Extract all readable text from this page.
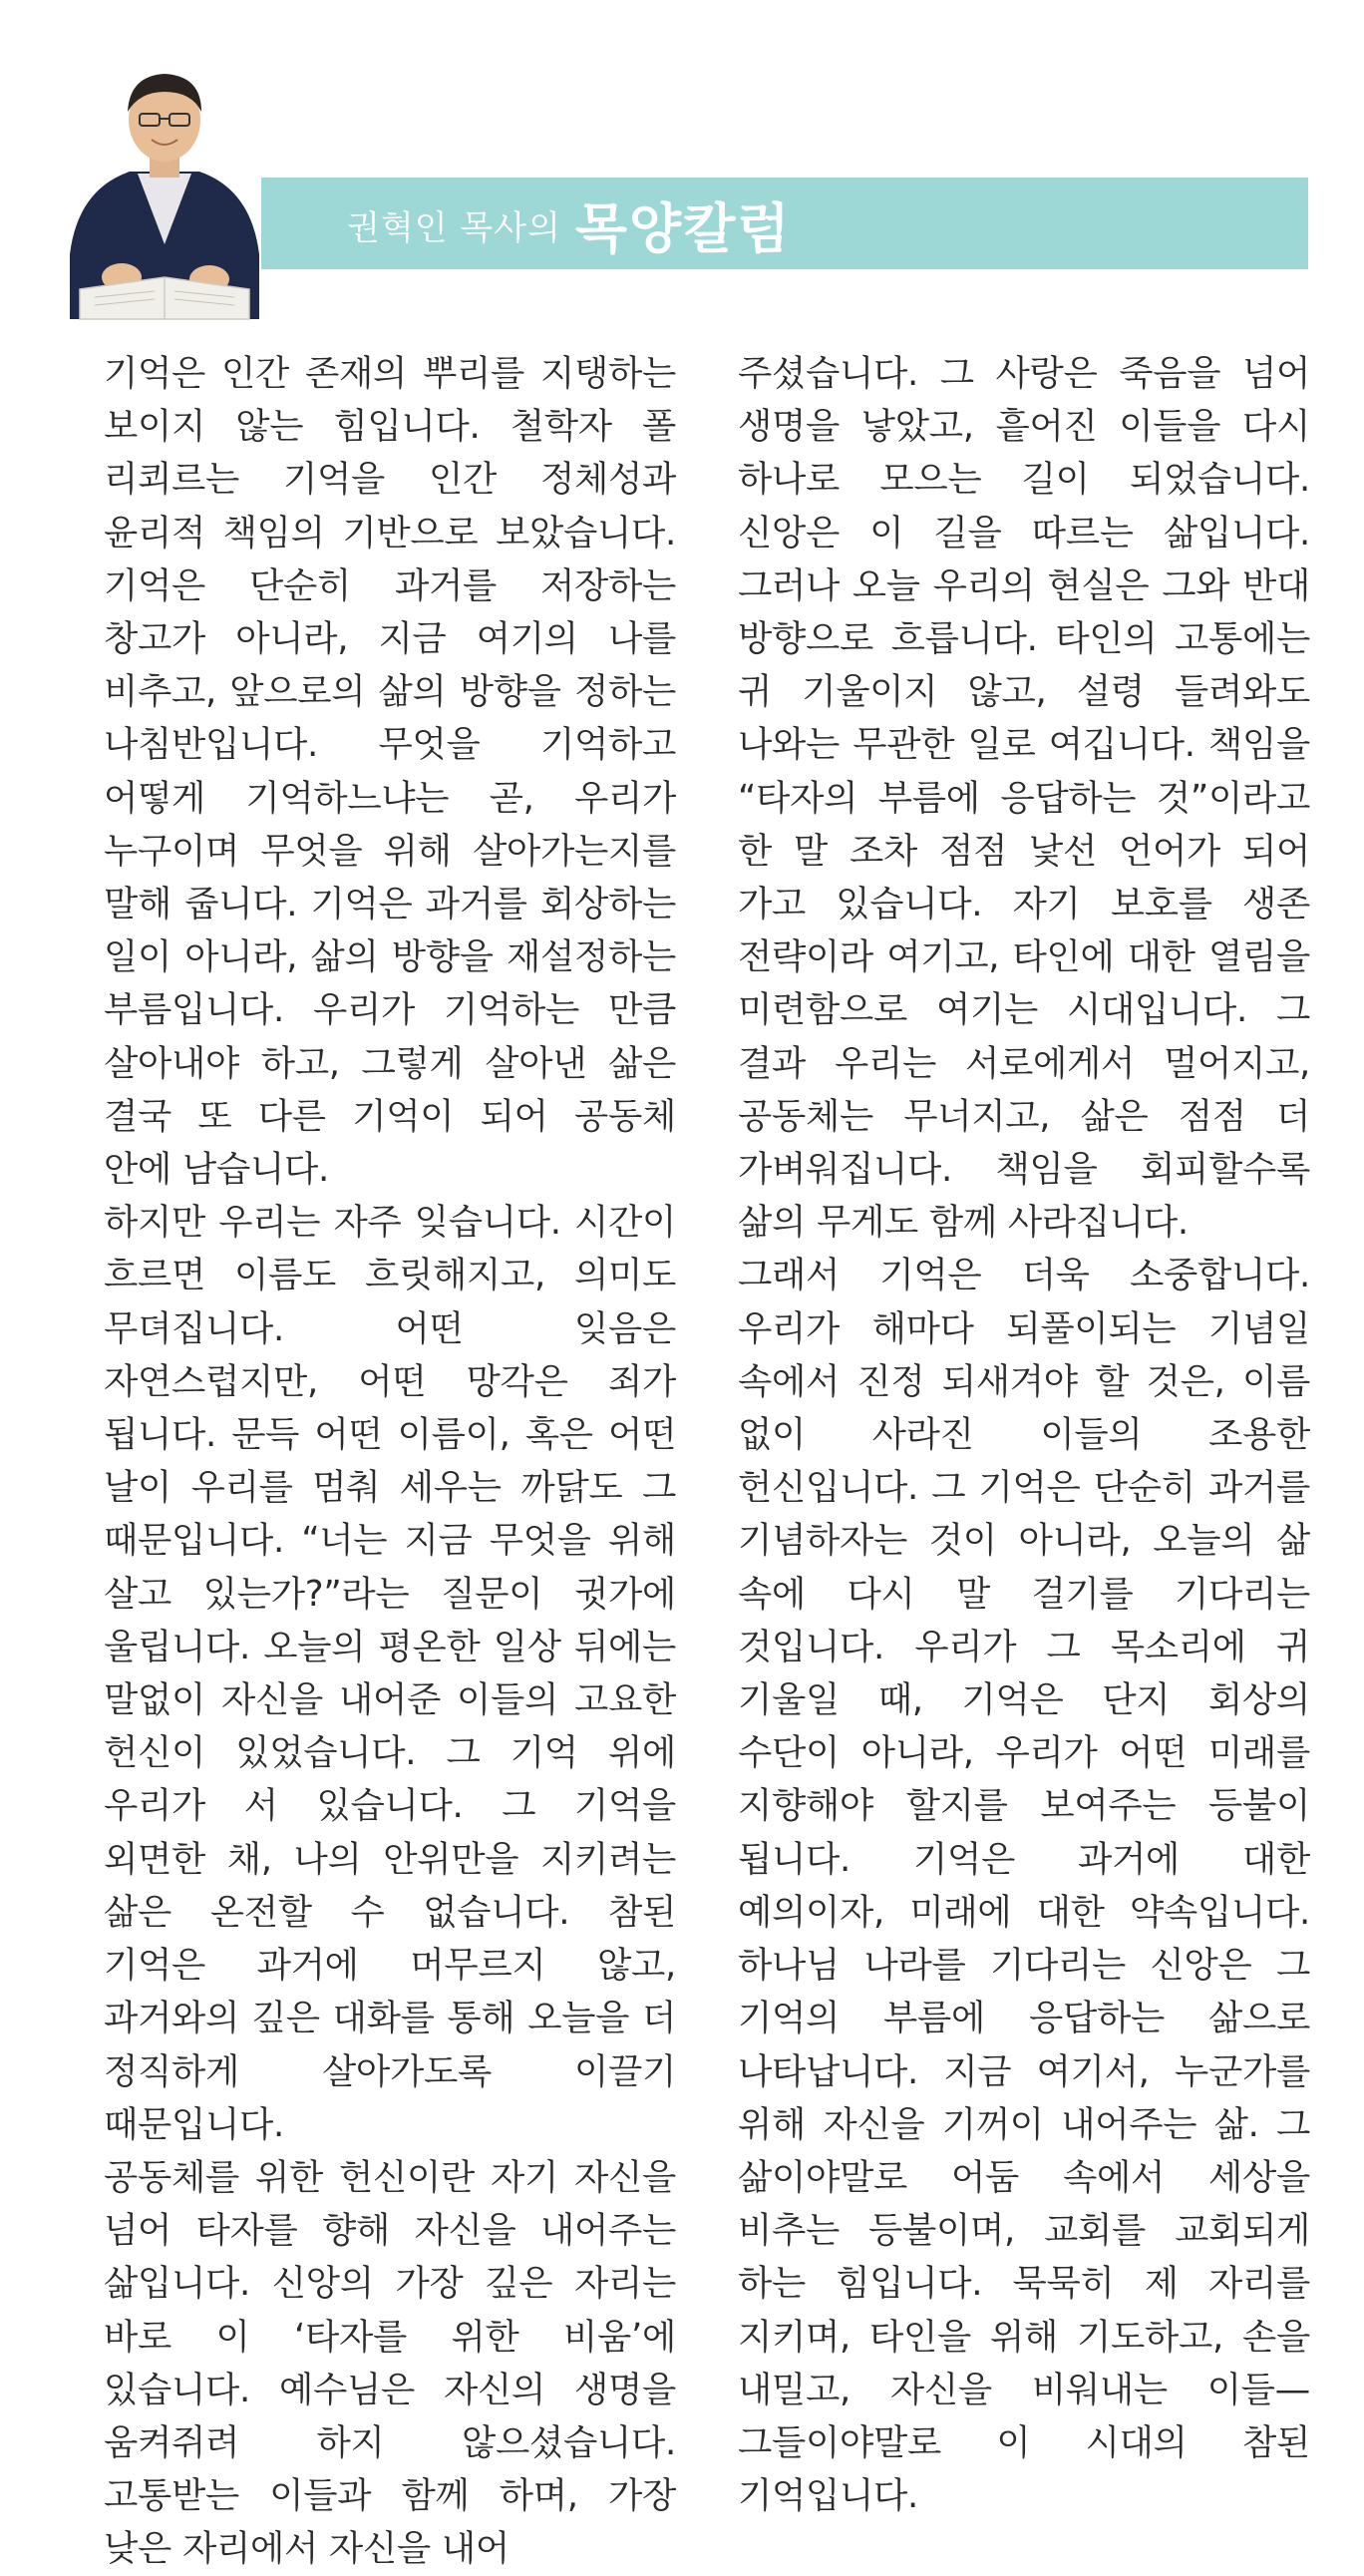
권혁인 목사의 목양칼럼

기억은 인간 존재의 뿌리를 지탱하는 보이지 않는 힘입니다. 철학자 폴 리쾨르는 기억을 인간 정체성과 윤리적 책임의 기반으로 보았습니다. 기억은 단순히 과거를 저장하는 창고가 아니라, 지금 여기의 나를 비추고, 앞으로의 삶의 방향을 정하는 나침반입니다. 무엇을 기억하고 어떻게 기억하느냐는 곧, 우리가 누구이며 무엇을 위해 살아가는지를 말해 줍니다. 기억은 과거를 회상하는 일이 아니라, 삶의 방향을 재설정하는 부름입니다. 우리가 기억하는 만큼 살아내야 하고, 그렇게 살아낸 삶은 결국 또 다른 기억이 되어 공동체 안에 남습니다.

하지만 우리는 자주 잊습니다. 시간이 흐르면 이름도 흐릿해지고, 의미도 무뎌집니다. 어떤 잊음은 자연스럽지만, 어떤 망각은 죄가 됩니다. 문득 어떤 이름이, 혹은 어떤 날이 우리를 멈춰 세우는 까닭도 그 때문입니다. “너는 지금 무엇을 위해 살고 있는가?”라는 질문이 귓가에 울립니다. 오늘의 평온한 일상 뒤에는 말없이 자신을 내어준 이들의 고요한 헌신이 있었습니다. 그 기억 위에 우리가 서 있습니다. 그 기억을 외면한 채, 나의 안위만을 지키려는 삶은 온전할 수 없습니다. 참된 기억은 과거에 머무르지 않고, 과거와의 깊은 대화를 통해 오늘을 더 정직하게 살아가도록 이끌기 때문입니다.

공동체를 위한 헌신이란 자기 자신을 넘어 타자를 향해 자신을 내어주는 삶입니다. 신앙의 가장 깊은 자리는 바로 이 ‘타자를 위한 비움’에 있습니다. 예수님은 자신의 생명을 움켜쥐려 하지 않으셨습니다. 고통받는 이들과 함께 하며, 가장 낮은 자리에서 자신을 내어

주셨습니다. 그 사랑은 죽음을 넘어 생명을 낳았고, 흩어진 이들을 다시 하나로 모으는 길이 되었습니다. 신앙은 이 길을 따르는 삶입니다. 그러나 오늘 우리의 현실은 그와 반대 방향으로 흐릅니다. 타인의 고통에는 귀 기울이지 않고, 설령 들려와도 나와는 무관한 일로 여깁니다. 책임을 “타자의 부름에 응답하는 것”이라고 한 말 조차 점점 낯선 언어가 되어 가고 있습니다. 자기 보호를 생존 전략이라 여기고, 타인에 대한 열림을 미련함으로 여기는 시대입니다. 그 결과 우리는 서로에게서 멀어지고, 공동체는 무너지고, 삶은 점점 더 가벼워집니다. 책임을 회피할수록 삶의 무게도 함께 사라집니다.

그래서 기억은 더욱 소중합니다. 우리가 해마다 되풀이되는 기념일 속에서 진정 되새겨야 할 것은, 이름 없이 사라진 이들의 조용한 헌신입니다. 그 기억은 단순히 과거를 기념하자는 것이 아니라, 오늘의 삶 속에 다시 말 걸기를 기다리는 것입니다. 우리가 그 목소리에 귀 기울일 때, 기억은 단지 회상의 수단이 아니라, 우리가 어떤 미래를 지향해야 할지를 보여주는 등불이 됩니다. 기억은 과거에 대한 예의이자, 미래에 대한 약속입니다. 하나님 나라를 기다리는 신앙은 그 기억의 부름에 응답하는 삶으로 나타납니다. 지금 여기서, 누군가를 위해 자신을 기꺼이 내어주는 삶. 그 삶이야말로 어둠 속에서 세상을 비추는 등불이며, 교회를 교회되게 하는 힘입니다. 묵묵히 제 자리를 지키며, 타인을 위해 기도하고, 손을 내밀고, 자신을 비워내는 이들—그들이야말로 이 시대의 참된 기억입니다.
